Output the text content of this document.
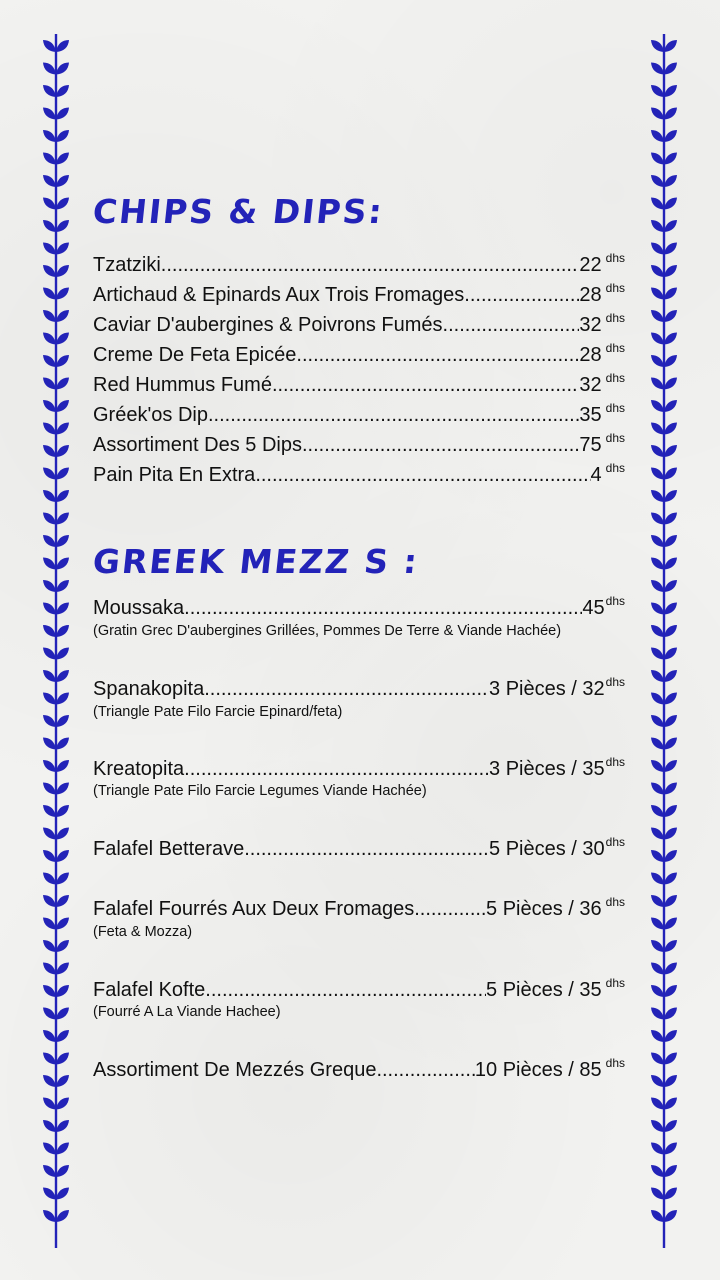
CHIPS & DIPS:
Tzatziki .....	22 dhs
Artichaud & Epinards Aux Trois Fromages .....	28 dhs
Caviar D'aubergines & Poivrons Fumés .....	32 dhs
Creme De Feta Epicée .....	28 dhs
Red Hummus Fumé .....	32 dhs
Gréek'os Dip .....	35 dhs
Assortiment Des 5 Dips .....	75 dhs
Pain Pita En Extra .....	4 dhs
GREEK MEZZ S :
Moussaka .....	45 dhs
(Gratin Grec D'aubergines Grillées, Pommes De Terre & Viande Hachée)
Spanakopita .....	3 Pièces / 32 dhs
(Triangle Pate Filo Farcie Epinard/feta)
Kreatopita .....	3 Pièces / 35 dhs
(Triangle Pate Filo Farcie Legumes Viande Hachée)
Falafel Betterave .....	5 Pièces / 30 dhs
Falafel Fourrés Aux Deux Fromages .....	5 Pièces / 36 dhs
(Feta & Mozza)
Falafel Kofte .....	5 Pièces / 35 dhs
(Fourré A La Viande Hachee)
Assortiment De Mezzés Greque .....	10 Pièces / 85 dhs
